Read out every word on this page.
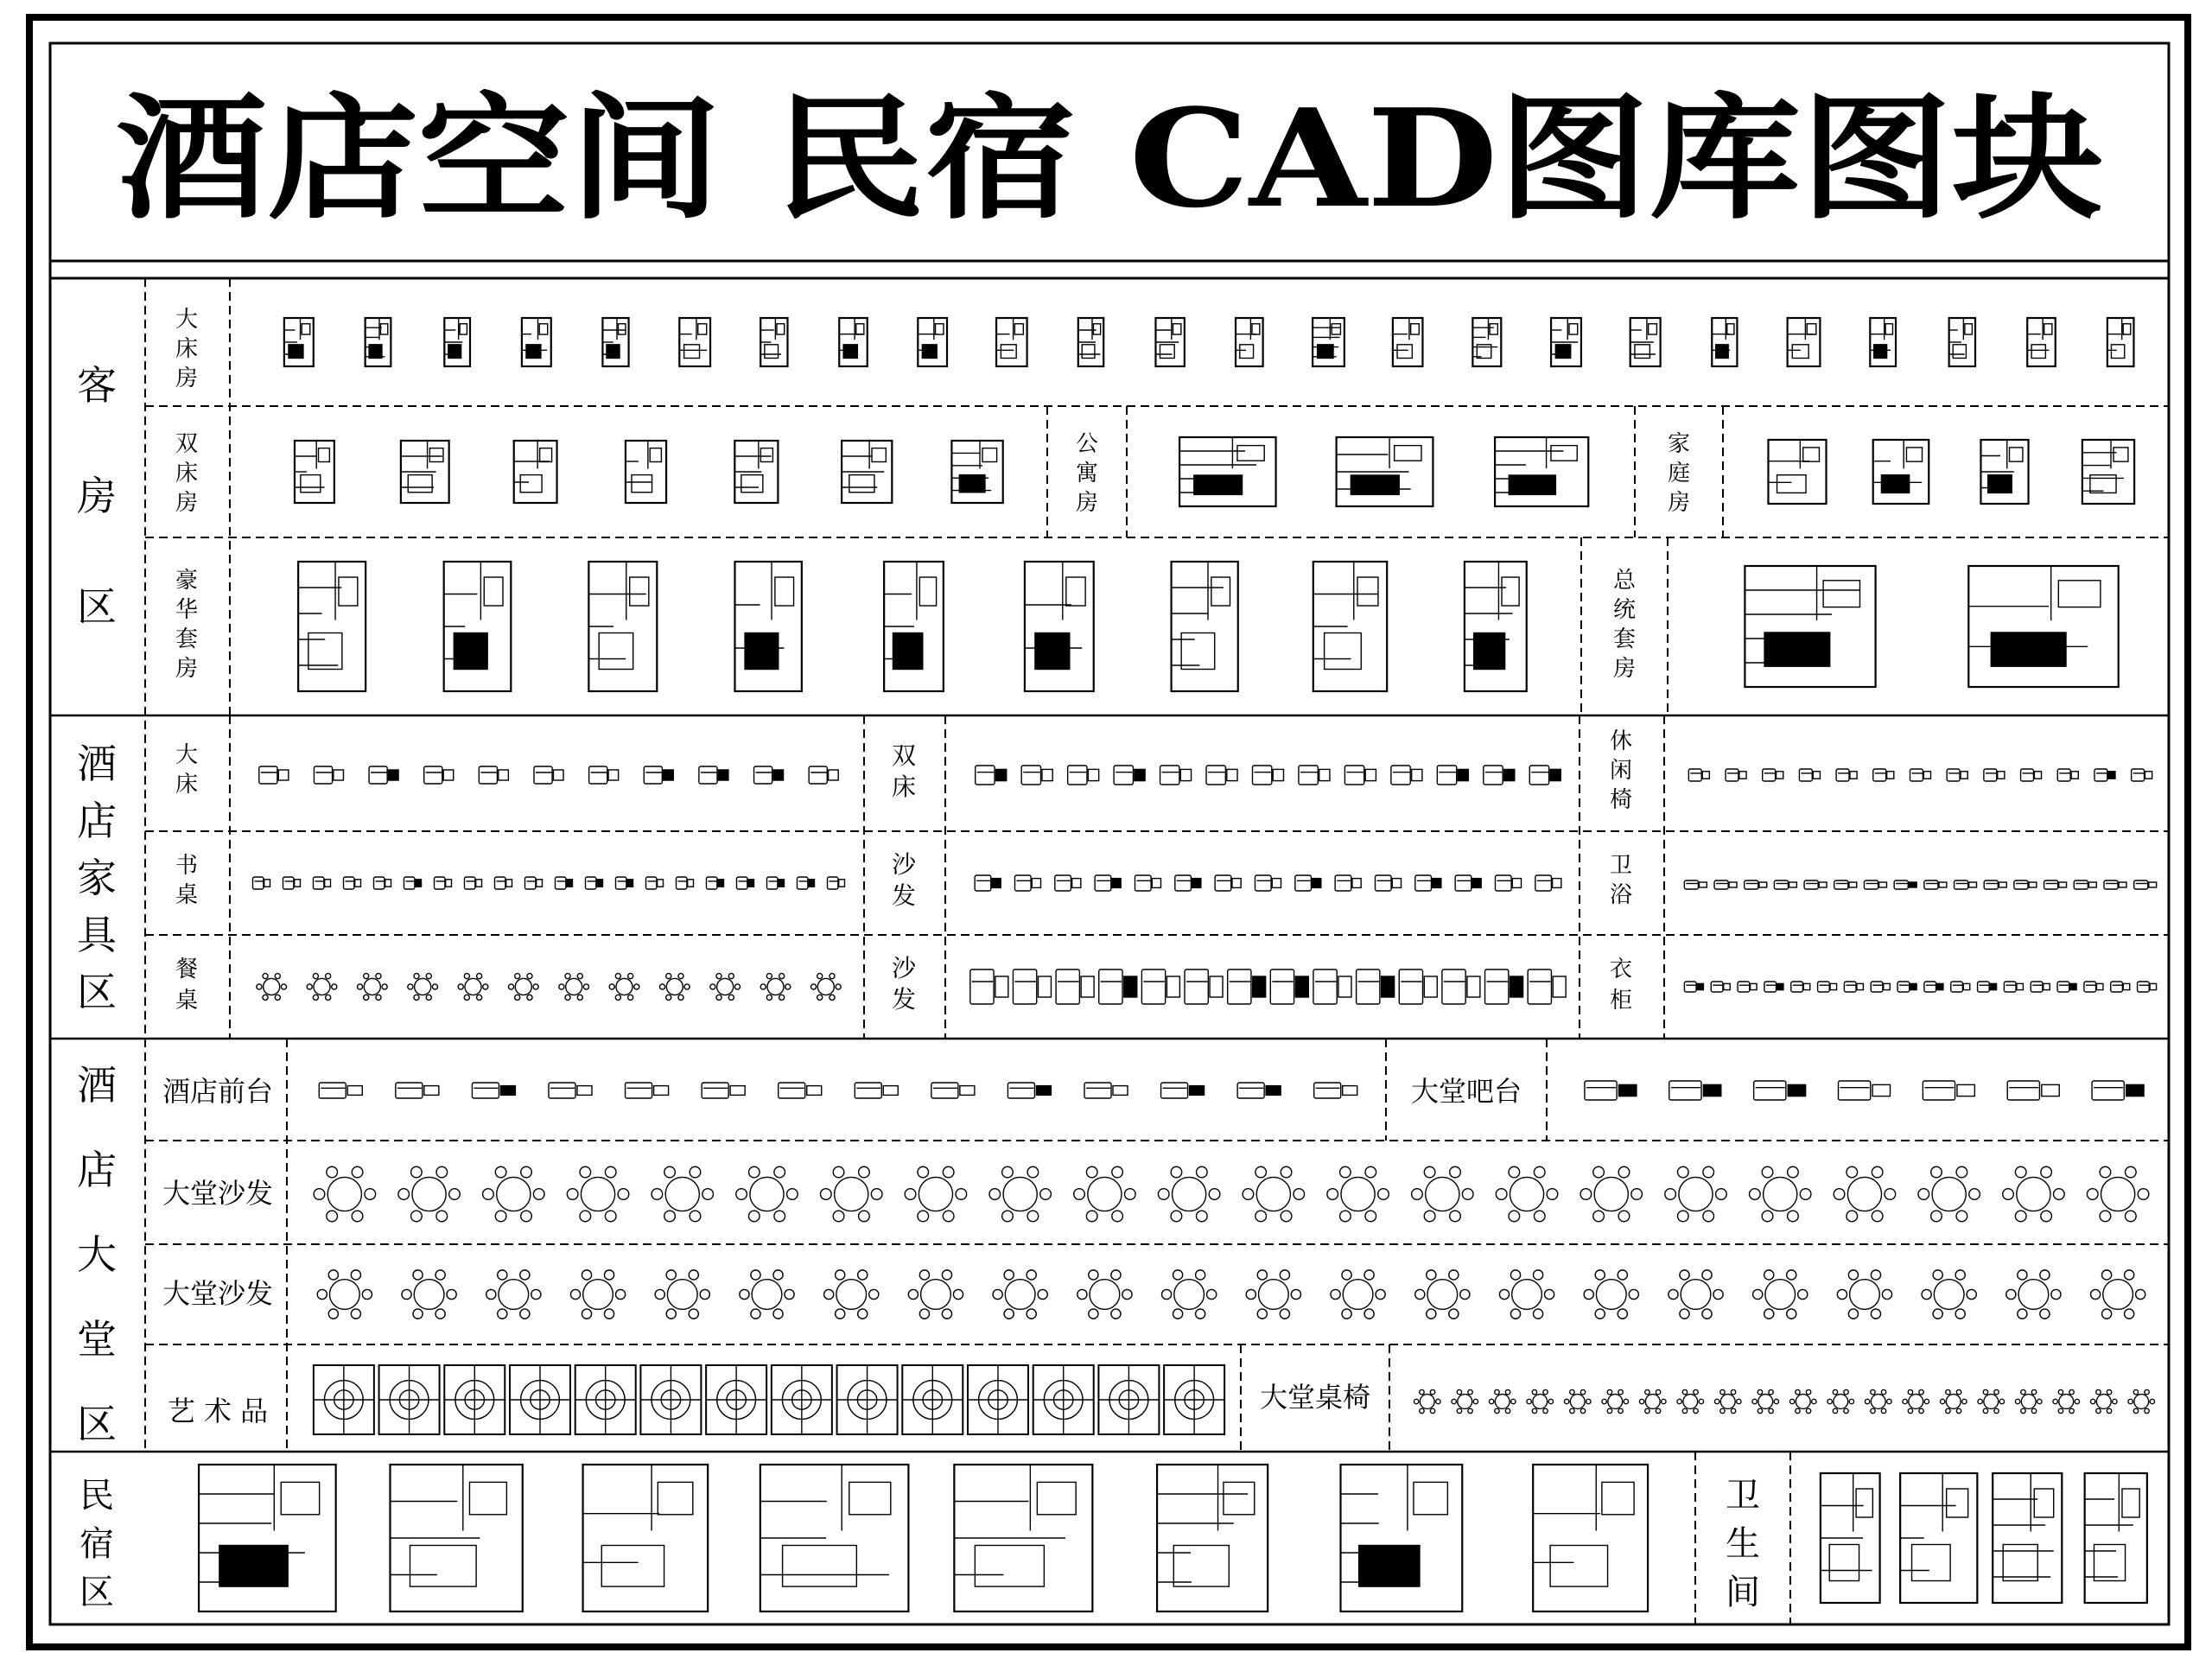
酒店空间 民宿 CAD图库图块
客
房
区
酒
店
家
具
区
酒
店
大
堂
区
民
宿
区
大
床
房
双
床
房
公
寓
房
家
庭
房
豪
华
套
房
总
统
套
房
大
床
双
床
休
闲
椅
书
桌
沙
发
卫
浴
餐
桌
沙
发
衣
柜
酒店前台	大堂吧台
大堂沙发
大堂沙发
艺 术 品	大堂桌椅
卫
生
间
